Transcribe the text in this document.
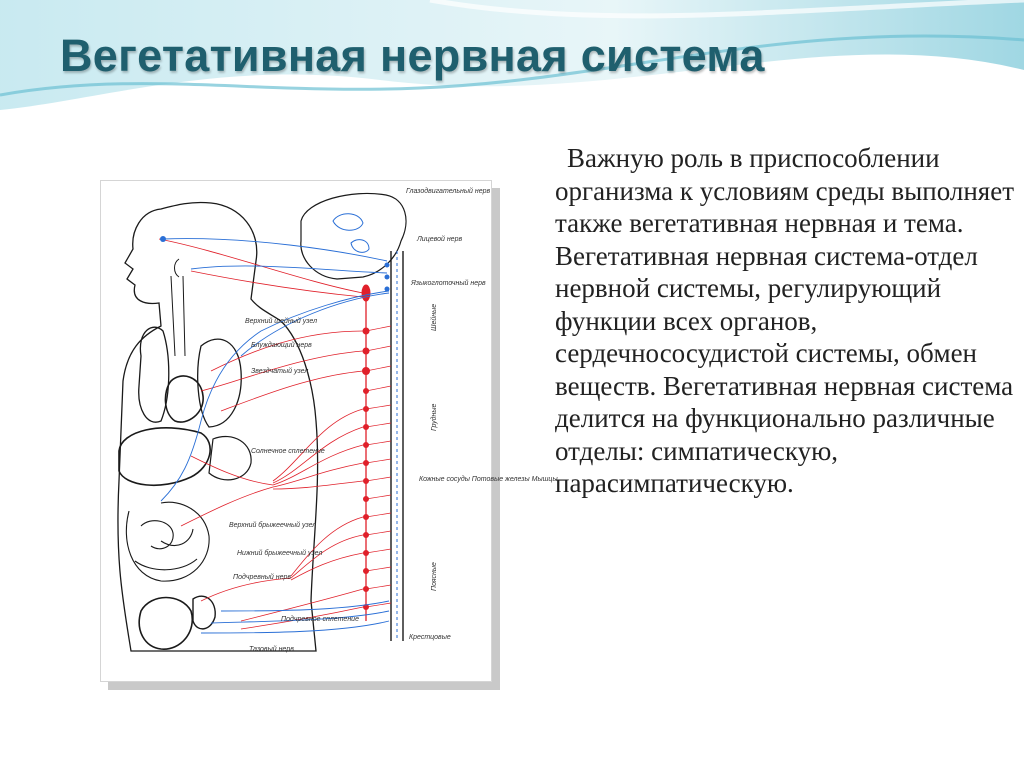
Вегетативная нервная система
Шейные
Грудные
Поясные
Крестцовые
Глазодвигательный нерв
Лицевой нерв
Языкоглоточный нерв
Кожные сосуды Потовые железы Мышцы
Верхний шейный узел
Блуждающий нерв
Звездчатый узел
Солнечное сплетение
Верхний брыжеечный узел
Нижний брыжеечный узел
Подчревный нерв
Подчревное сплетение
Тазовый нерв

Важную роль в приспособлении организма к условиям среды выполняет также вегетативная нервная и тема. Вегетативная нервная система-отдел нервной системы, регулирующий функции всех органов, сердечнососудистой системы, обмен веществ. Вегетативная нервная система делится на функционально различные отделы: симпатическую, парасимпатическую.
